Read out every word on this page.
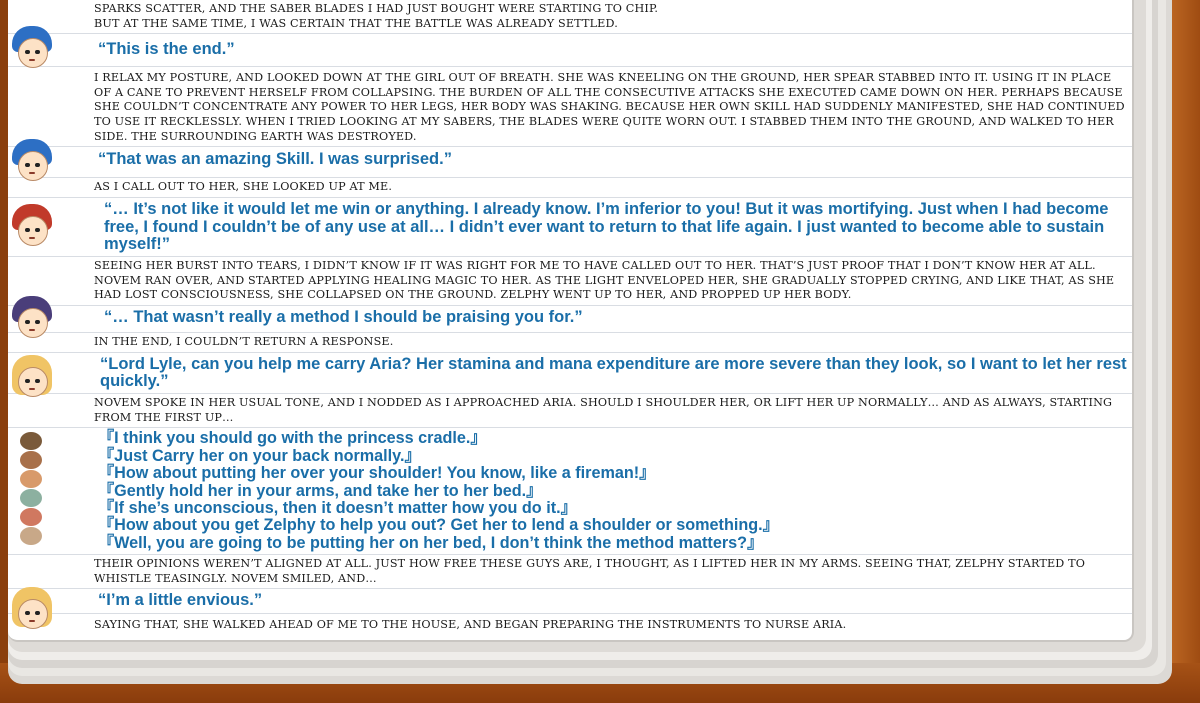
SPARKS SCATTER, AND THE SABER BLADES I HAD JUST BOUGHT WERE STARTING TO CHIP.
BUT AT THE SAME TIME, I WAS CERTAIN THAT THE BATTLE WAS ALREADY SETTLED.
“This is the end.”
I RELAX MY POSTURE, AND LOOKED DOWN AT THE GIRL OUT OF BREATH. SHE WAS KNEELING ON THE GROUND, HER SPEAR STABBED INTO IT. USING IT IN PLACE OF A CANE TO PREVENT HERSELF FROM COLLAPSING. THE BURDEN OF ALL THE CONSECUTIVE ATTACKS SHE EXECUTED CAME DOWN ON HER. PERHAPS BECAUSE SHE COULDN’T CONCENTRATE ANY POWER TO HER LEGS, HER BODY WAS SHAKING. BECAUSE HER OWN SKILL HAD SUDDENLY MANIFESTED, SHE HAD CONTINUED TO USE IT RECKLESSLY. WHEN I TRIED LOOKING AT MY SABERS, THE BLADES WERE QUITE WORN OUT. I STABBED THEM INTO THE GROUND, AND WALKED TO HER SIDE. THE SURROUNDING EARTH WAS DESTROYED.
“That was an amazing Skill. I was surprised.”
AS I CALL OUT TO HER, SHE LOOKED UP AT ME.
“… It’s not like it would let me win or anything. I already know. I’m inferior to you! But it was mortifying. Just when I had become free, I found I couldn’t be of any use at all… I didn’t ever want to return to that life again. I just wanted to become able to sustain myself!”
SEEING HER BURST INTO TEARS, I DIDN’T KNOW IF IT WAS RIGHT FOR ME TO HAVE CALLED OUT TO HER. THAT’S JUST PROOF THAT I DON’T KNOW HER AT ALL. NOVEM RAN OVER, AND STARTED APPLYING HEALING MAGIC TO HER. AS THE LIGHT ENVELOPED HER, SHE GRADUALLY STOPPED CRYING, AND LIKE THAT, AS SHE HAD LOST CONSCIOUSNESS, SHE COLLAPSED ON THE GROUND. ZELPHY WENT UP TO HER, AND PROPPED UP HER BODY.
“… That wasn’t really a method I should be praising you for.”
IN THE END, I COULDN’T RETURN A RESPONSE.
“Lord Lyle, can you help me carry Aria? Her stamina and mana expenditure are more severe than they look, so I want to let her rest quickly.”
NOVEM SPOKE IN HER USUAL TONE, AND I NODDED AS I APPROACHED ARIA. SHOULD I SHOULDER HER, OR LIFT HER UP NORMALLY… AND AS ALWAYS, STARTING FROM THE FIRST UP…
『I think you should go with the princess cradle.』
『Just Carry her on your back normally.』
『How about putting her over your shoulder! You know, like a fireman!』
『Gently hold her in your arms, and take her to her bed.』
『If she’s unconscious, then it doesn’t matter how you do it.』
『How about you get Zelphy to help you out? Get her to lend a shoulder or something.』
『Well, you are going to be putting her on her bed, I don’t think the method matters?』
THEIR OPINIONS WEREN’T ALIGNED AT ALL. JUST HOW FREE THESE GUYS ARE, I THOUGHT, AS I LIFTED HER IN MY ARMS. SEEING THAT, ZELPHY STARTED TO WHISTLE TEASINGLY. NOVEM SMILED, AND…
“I’m a little envious.”
SAYING THAT, SHE WALKED AHEAD OF ME TO THE HOUSE, AND BEGAN PREPARING THE INSTRUMENTS TO NURSE ARIA.
